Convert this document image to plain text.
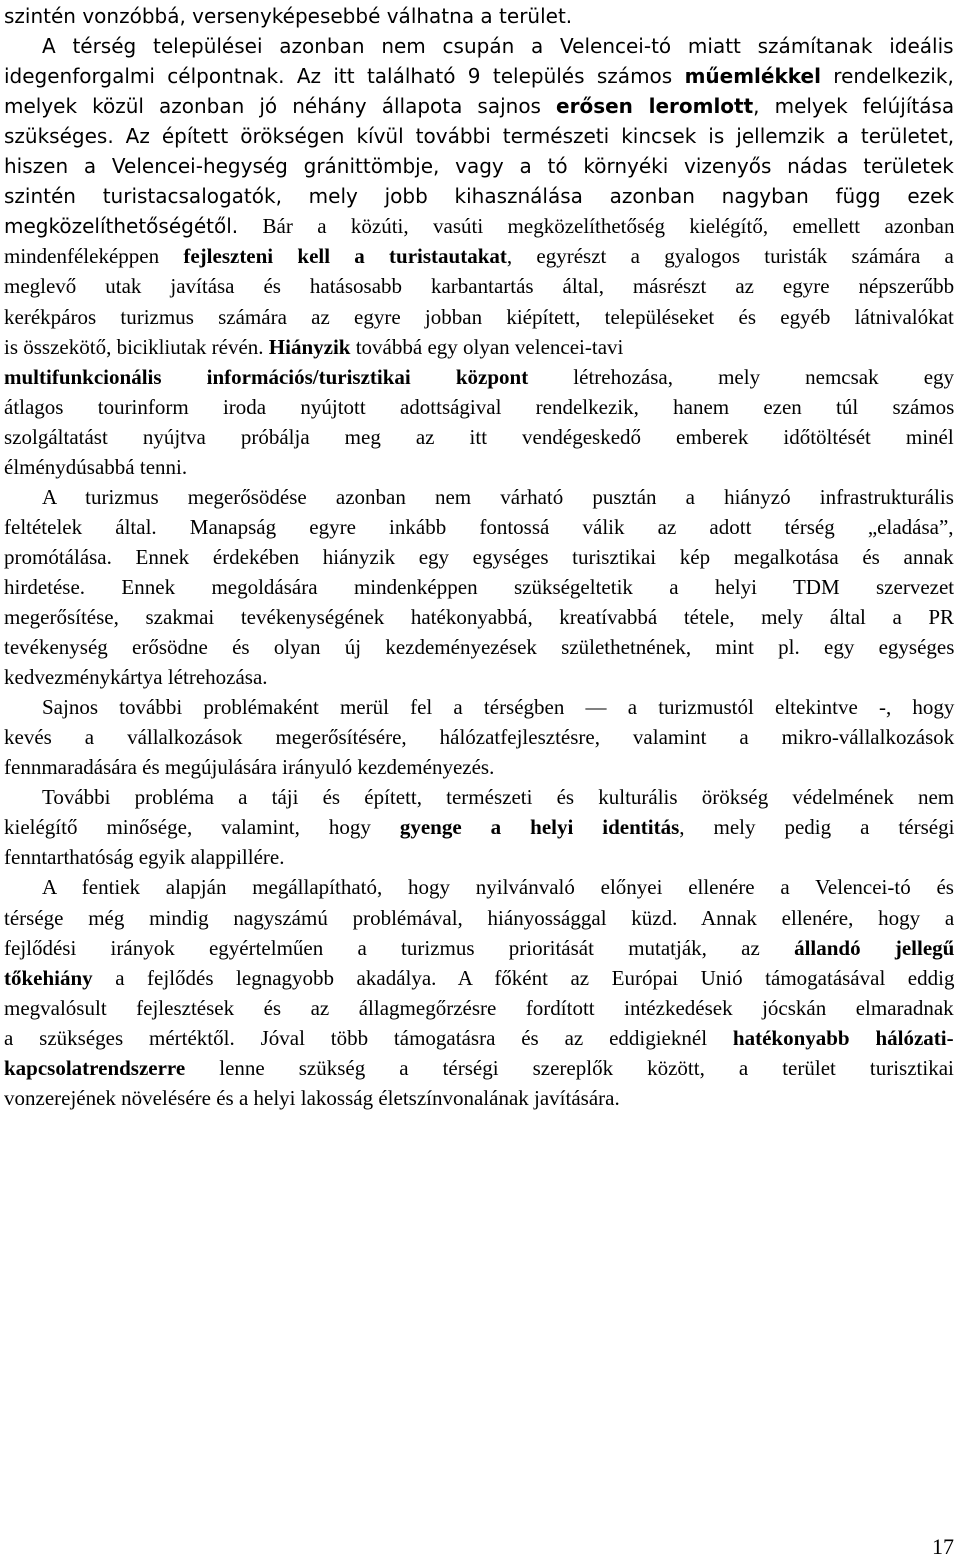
szintén vonzóbbá, versenyképesebbé válhatna a terület.
A térség települései azonban nem csupán a Velencei-tó miatt számítanak ideális
idegenforgalmi célpontnak. Az itt található 9 település számos műemlékkel rendelkezik,
melyek közül azonban jó néhány állapota sajnos erősen leromlott, melyek felújítása
szükséges. Az épített örökségen kívül további természeti kincsek is jellemzik a területet,
hiszen a Velencei-hegység gránittömbje, vagy a tó környéki vizenyős nádas területek
szintén turistacsalogatók, mely jobb kihasználása azonban nagyban függ ezek
megközelíthetőségétől. Bár a közúti, vasúti megközelíthetőség kielégítő, emellett azonban
mindenféleképpen fejleszteni kell a turistautakat, egyrészt a gyalogos turisták számára a
meglevő utak javítása és hatásosabb karbantartás által, másrészt az egyre népszerűbb
kerékpáros turizmus számára az egyre jobban kiépített, településeket és egyéb látnivalókat
is összekötő, bicikliutak révén. Hiányzik továbbá egy olyan velencei-tavi
multifunkcionális információs/turisztikai központ létrehozása, mely nemcsak egy
átlagos tourinform iroda nyújtott adottságival rendelkezik, hanem ezen túl számos
szolgáltatást nyújtva próbálja meg az itt vendégeskedő emberek időtöltését minél
élménydúsabbá tenni.
A turizmus megerősödése azonban nem várható pusztán a hiányzó infrastrukturális
feltételek által. Manapság egyre inkább fontossá válik az adott térség „eladása”,
promótálása. Ennek érdekében hiányzik egy egységes turisztikai kép megalkotása és annak
hirdetése. Ennek megoldására mindenképpen szükségeltetik a helyi TDM szervezet
megerősítése, szakmai tevékenységének hatékonyabbá, kreatívabbá tétele, mely által a PR
tevékenység erősödne és olyan új kezdeményezések születhetnének, mint pl. egy egységes
kedvezménykártya létrehozása.
Sajnos további problémaként merül fel a térségben — a turizmustól eltekintve -, hogy
kevés a vállalkozások megerősítésére, hálózatfejlesztésre, valamint a mikro-vállalkozások
fennmaradására és megújulására irányuló kezdeményezés.
További probléma a táji és épített, természeti és kulturális örökség védelmének nem
kielégítő minősége, valamint, hogy gyenge a helyi identitás, mely pedig a térségi
fenntarthatóság egyik alappillére.
A fentiek alapján megállapítható, hogy nyilvánvaló előnyei ellenére a Velencei-tó és
térsége még mindig nagyszámú problémával, hiányossággal küzd. Annak ellenére, hogy a
fejlődési irányok egyértelműen a turizmus prioritását mutatják, az állandó jellegű
tőkehiány a fejlődés legnagyobb akadálya. A főként az Európai Unió támogatásával eddig
megvalósult fejlesztések és az állagmegőrzésre fordított intézkedések jócskán elmaradnak
a szükséges mértéktől. Jóval több támogatásra és az eddigieknél hatékonyabb hálózati-
kapcsolatrendszerre lenne szükség a térségi szereplők között, a terület turisztikai
vonzerejének növelésére és a helyi lakosság életszínvonalának javítására.
17
